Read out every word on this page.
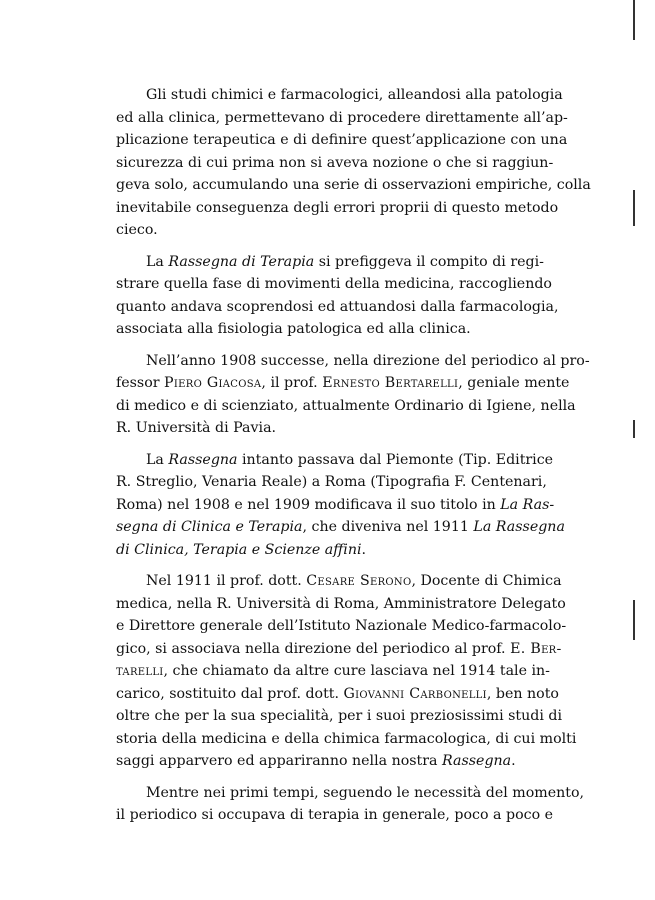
Gli studi chimici e farmacologici, alleandosi alla patologia
ed alla clinica, permettevano di procedere direttamente all’ap-
plicazione terapeutica e di definire quest’applicazione con una
sicurezza di cui prima non si aveva nozione o che si raggiun-
geva solo, accumulando una serie di osservazioni empiriche, colla
inevitabile conseguenza degli errori proprii di questo metodo
cieco.
La Rassegna di Terapia si prefiggeva il compito di regi-
strare quella fase di movimenti della medicina, raccogliendo
quanto andava scoprendosi ed attuandosi dalla farmacologia,
associata alla fisiologia patologica ed alla clinica.
Nell’anno 1908 successe, nella direzione del periodico al pro-
fessor Piero Giacosa, il prof. Ernesto Bertarelli, geniale mente
di medico e di scienziato, attualmente Ordinario di Igiene, nella
R. Università di Pavia.
La Rassegna intanto passava dal Piemonte (Tip. Editrice
R. Streglio, Venaria Reale) a Roma (Tipografia F. Centenari,
Roma) nel 1908 e nel 1909 modificava il suo titolo in La Ras-
segna di Clinica e Terapia, che diveniva nel 1911 La Rassegna
di Clinica, Terapia e Scienze affini.
Nel 1911 il prof. dott. Cesare Serono, Docente di Chimica
medica, nella R. Università di Roma, Amministratore Delegato
e Direttore generale dell’Istituto Nazionale Medico-farmacolo-
gico, si associava nella direzione del periodico al prof. E. Ber-
tarelli, che chiamato da altre cure lasciava nel 1914 tale in-
carico, sostituito dal prof. dott. Giovanni Carbonelli, ben noto
oltre che per la sua specialità, per i suoi preziosissimi studi di
storia della medicina e della chimica farmacologica, di cui molti
saggi apparvero ed appariranno nella nostra Rassegna.
Mentre nei primi tempi, seguendo le necessità del momento,
il periodico si occupava di terapia in generale, poco a poco e
